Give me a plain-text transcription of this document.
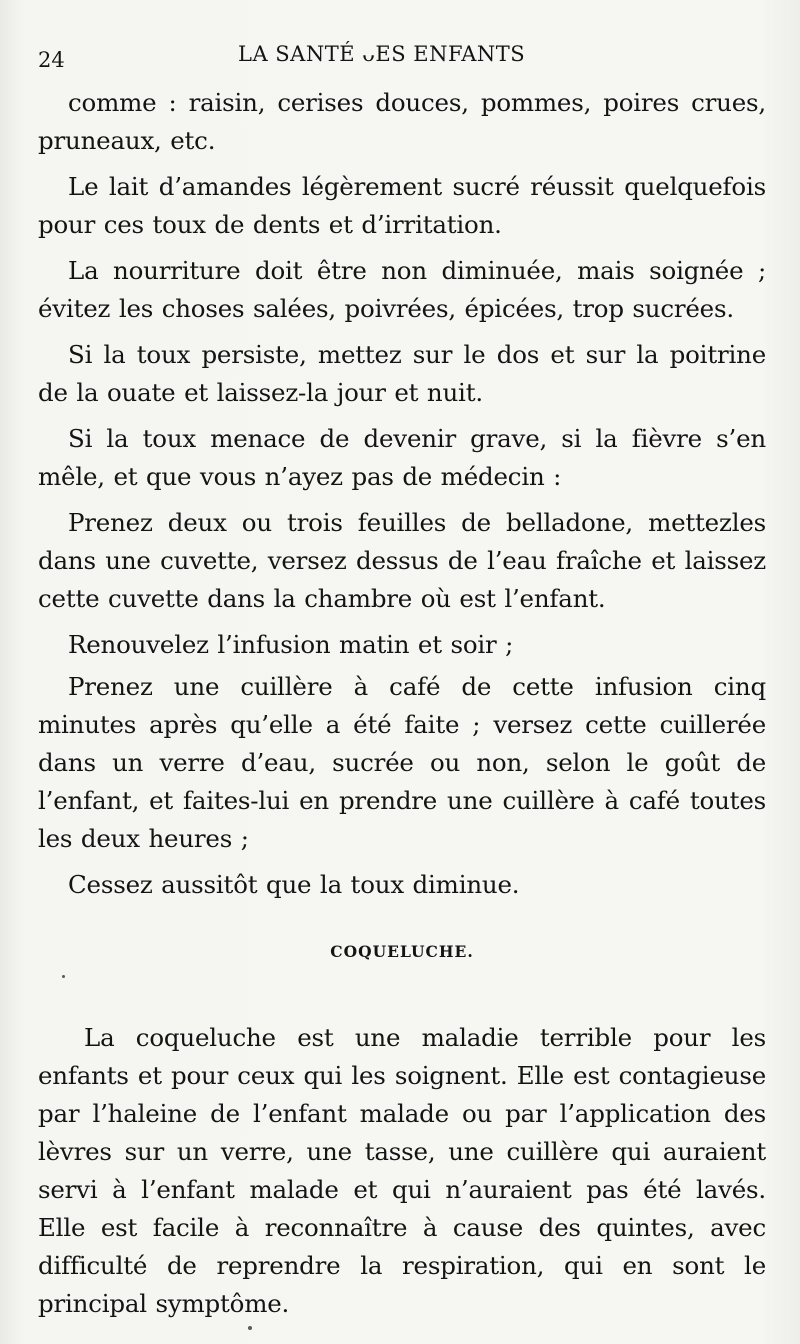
24	LA SANTÉ ᴗES ENFANTS

comme : raisin, cerises douces, pommes, poires crues, pruneaux, etc.

Le lait d’amandes légèrement sucré réussit quelquefois pour ces toux de dents et d’irritation.

La nourriture doit être non diminuée, mais soignée ; évitez les choses salées, poivrées, épicées, trop sucrées.

Si la toux persiste, mettez sur le dos et sur la poitrine de la ouate et laissez-la jour et nuit.

Si la toux menace de devenir grave, si la fièvre s’en mêle, et que vous n’ayez pas de médecin :

Prenez deux ou trois feuilles de belladone, mettezles dans une cuvette, versez dessus de l’eau fraîche et laissez cette cuvette dans la chambre où est l’enfant.

Renouvelez l’infusion matin et soir ;

Prenez une cuillère à café de cette infusion cinq minutes après qu’elle a été faite ; versez cette cuillerée dans un verre d’eau, sucrée ou non, selon le goût de l’enfant, et faites-lui en prendre une cuillère à café toutes les deux heures ;

Cessez aussitôt que la toux diminue.

COQUELUCHE.

La coqueluche est une maladie terrible pour les enfants et pour ceux qui les soignent. Elle est contagieuse par l’haleine de l’enfant malade ou par l’application des lèvres sur un verre, une tasse, une cuillère qui auraient servi à l’enfant malade et qui n’auraient pas été lavés. Elle est facile à reconnaître à cause des quintes, avec difficulté de reprendre la respiration, qui en sont le principal symptôme.
